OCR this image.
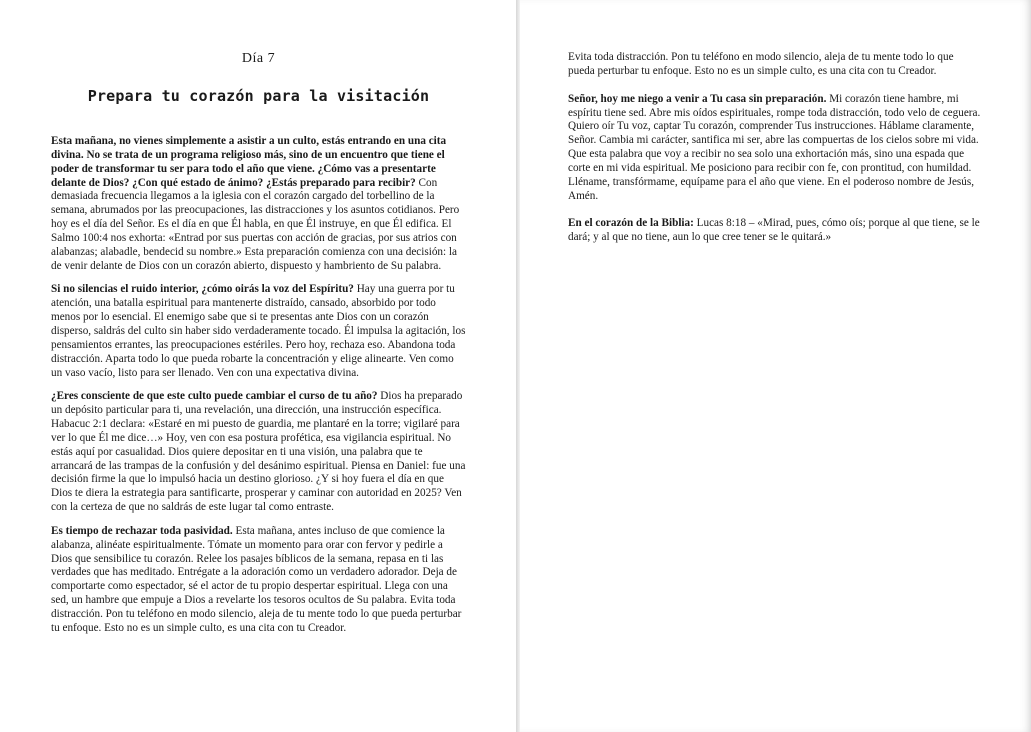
Día 7
Prepara tu corazón para la visitación

Esta mañana, no vienes simplemente a asistir a un culto, estás entrando en una cita divina. No se trata de un programa religioso más, sino de un encuentro que tiene el poder de transformar tu ser para todo el año que viene. ¿Cómo vas a presentarte delante de Dios? ¿Con qué estado de ánimo? ¿Estás preparado para recibir? Con demasiada frecuencia llegamos a la iglesia con el corazón cargado del torbellino de la semana, abrumados por las preocupaciones, las distracciones y los asuntos cotidianos. Pero hoy es el día del Señor. Es el día en que Él habla, en que Él instruye, en que Él edifica. El Salmo 100:4 nos exhorta: «Entrad por sus puertas con acción de gracias, por sus atrios con alabanzas; alabadle, bendecid su nombre.» Esta preparación comienza con una decisión: la de venir delante de Dios con un corazón abierto, dispuesto y hambriento de Su palabra.

Si no silencias el ruido interior, ¿cómo oirás la voz del Espíritu? Hay una guerra por tu atención, una batalla espiritual para mantenerte distraído, cansado, absorbido por todo menos por lo esencial. El enemigo sabe que si te presentas ante Dios con un corazón disperso, saldrás del culto sin haber sido verdaderamente tocado. Él impulsa la agitación, los pensamientos errantes, las preocupaciones estériles. Pero hoy, rechaza eso. Abandona toda distracción. Aparta todo lo que pueda robarte la concentración y elige alinearte. Ven como un vaso vacío, listo para ser llenado. Ven con una expectativa divina.

¿Eres consciente de que este culto puede cambiar el curso de tu año? Dios ha preparado un depósito particular para ti, una revelación, una dirección, una instrucción específica. Habacuc 2:1 declara: «Estaré en mi puesto de guardia, me plantaré en la torre; vigilaré para ver lo que Él me dice…» Hoy, ven con esa postura profética, esa vigilancia espiritual. No estás aquí por casualidad. Dios quiere depositar en ti una visión, una palabra que te arrancará de las trampas de la confusión y del desánimo espiritual. Piensa en Daniel: fue una decisión firme la que lo impulsó hacia un destino glorioso. ¿Y si hoy fuera el día en que Dios te diera la estrategia para santificarte, prosperar y caminar con autoridad en 2025? Ven con la certeza de que no saldrás de este lugar tal como entraste.

Es tiempo de rechazar toda pasividad. Esta mañana, antes incluso de que comience la alabanza, alinéate espiritualmente. Tómate un momento para orar con fervor y pedirle a Dios que sensibilice tu corazón. Relee los pasajes bíblicos de la semana, repasa en ti las verdades que has meditado. Entrégate a la adoración como un verdadero adorador. Deja de comportarte como espectador, sé el actor de tu propio despertar espiritual. Llega con una sed, un hambre que empuje a Dios a revelarte los tesoros ocultos de Su palabra. Evita toda distracción. Pon tu teléfono en modo silencio, aleja de tu mente todo lo que pueda perturbar tu enfoque. Esto no es un simple culto, es una cita con tu Creador.

Evita toda distracción. Pon tu teléfono en modo silencio, aleja de tu mente todo lo que pueda perturbar tu enfoque. Esto no es un simple culto, es una cita con tu Creador.

Señor, hoy me niego a venir a Tu casa sin preparación. Mi corazón tiene hambre, mi espíritu tiene sed. Abre mis oídos espirituales, rompe toda distracción, todo velo de ceguera. Quiero oír Tu voz, captar Tu corazón, comprender Tus instrucciones. Háblame claramente, Señor. Cambia mi carácter, santifica mi ser, abre las compuertas de los cielos sobre mi vida. Que esta palabra que voy a recibir no sea solo una exhortación más, sino una espada que corte en mi vida espiritual. Me posiciono para recibir con fe, con prontitud, con humildad. Lléname, transfórmame, equípame para el año que viene. En el poderoso nombre de Jesús, Amén.

En el corazón de la Biblia: Lucas 8:18 – «Mirad, pues, cómo oís; porque al que tiene, se le dará; y al que no tiene, aun lo que cree tener se le quitará.»
